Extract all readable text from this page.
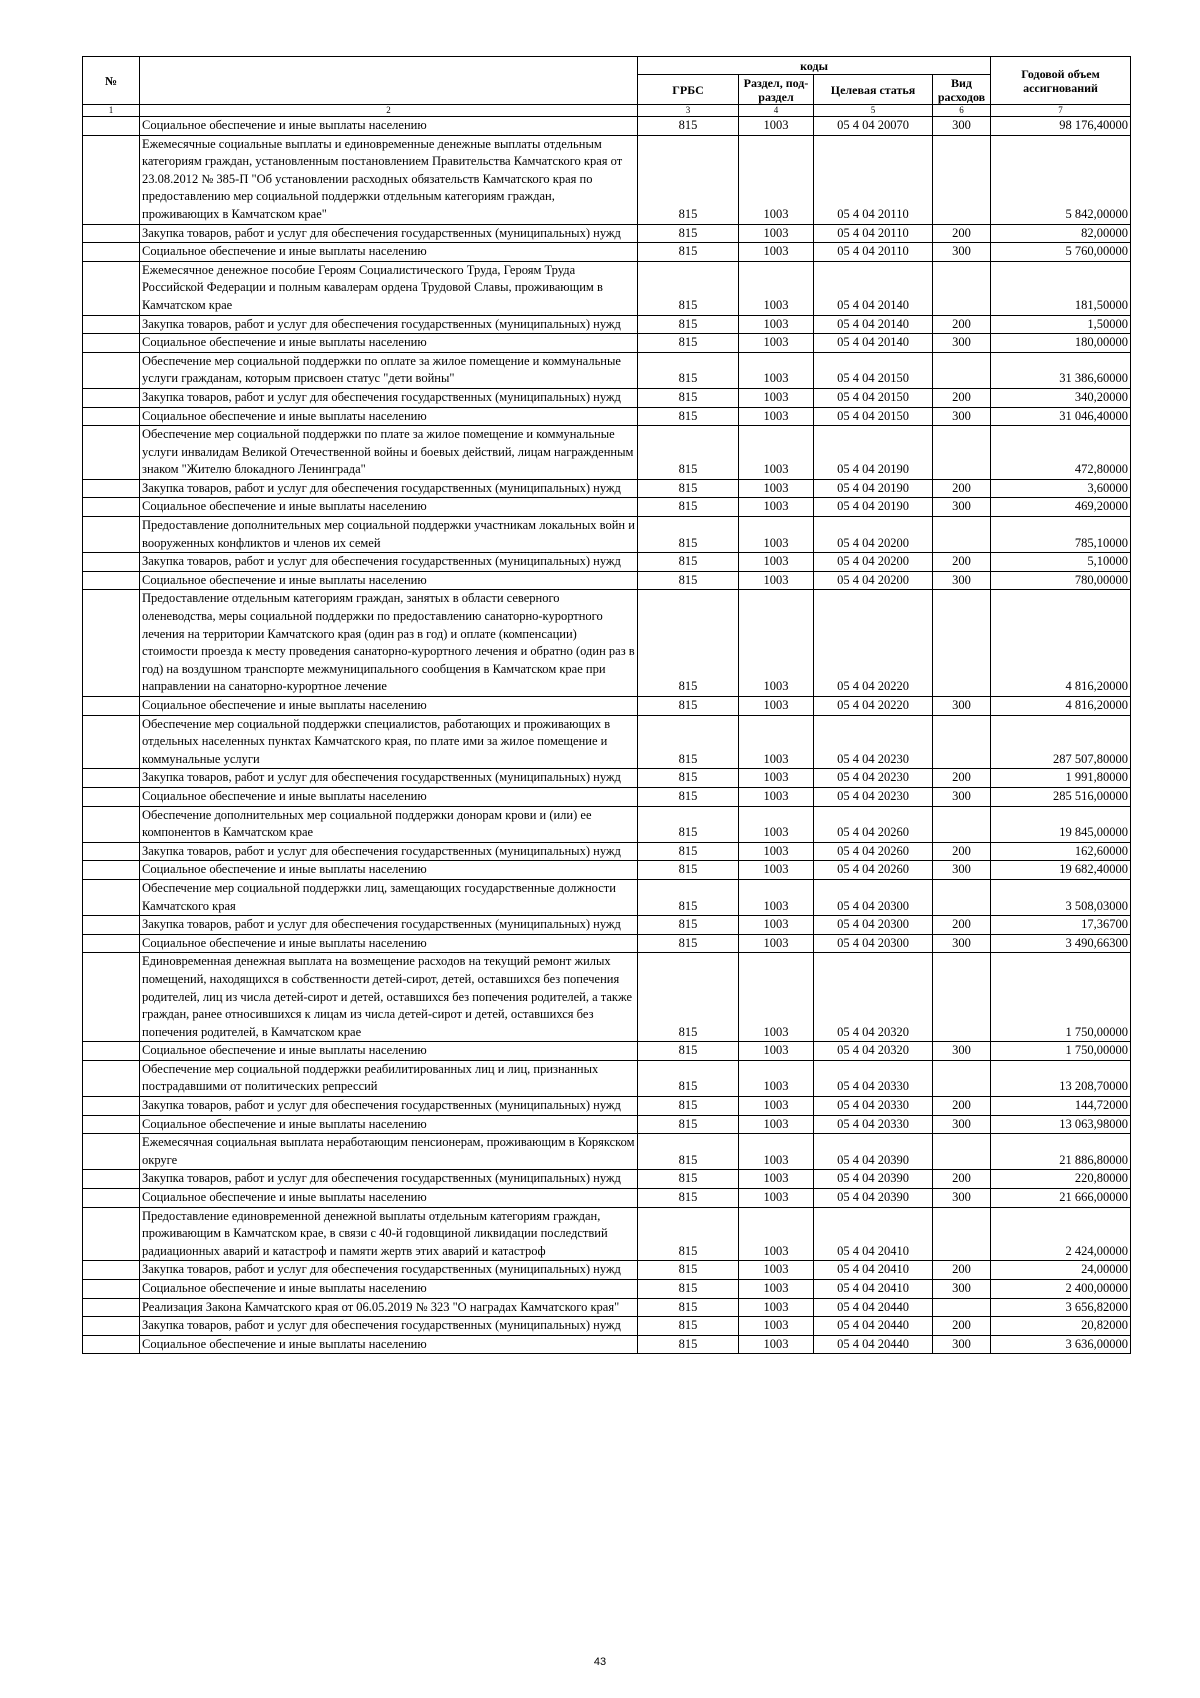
№		коды				Годовой объем ассигнований
		ГРБС	Раздел, под-раздел	Целевая статья	Вид расходов	
1	2	3	4	5	6	7
	Социальное обеспечение и иные выплаты населению	815	1003	05 4 04 20070	300	98 176,40000
	Ежемесячные социальные выплаты и единовременные денежные выплаты отдельным категориям граждан, установленным постановлением Правительства Камчатского края от 23.08.2012 № 385-П "Об установлении расходных обязательств Камчатского края по предоставлению мер социальной поддержки отдельным категориям граждан, проживающих в Камчатском крае"	815	1003	05 4 04 20110		5 842,00000
	Закупка товаров, работ и услуг для обеспечения государственных (муниципальных) нужд	815	1003	05 4 04 20110	200	82,00000
	Социальное обеспечение и иные выплаты населению	815	1003	05 4 04 20110	300	5 760,00000
	Ежемесячное денежное пособие Героям Социалистического Труда, Героям Труда Российской Федерации и полным кавалерам ордена Трудовой Славы, проживающим в Камчатском крае	815	1003	05 4 04 20140		181,50000
	Закупка товаров, работ и услуг для обеспечения государственных (муниципальных) нужд	815	1003	05 4 04 20140	200	1,50000
	Социальное обеспечение и иные выплаты населению	815	1003	05 4 04 20140	300	180,00000
	Обеспечение мер социальной поддержки по оплате за жилое помещение и коммунальные услуги гражданам, которым присвоен статус "дети войны"	815	1003	05 4 04 20150		31 386,60000
	Закупка товаров, работ и услуг для обеспечения государственных (муниципальных) нужд	815	1003	05 4 04 20150	200	340,20000
	Социальное обеспечение и иные выплаты населению	815	1003	05 4 04 20150	300	31 046,40000
	Обеспечение мер социальной поддержки по плате за жилое помещение и коммунальные услуги инвалидам Великой Отечественной войны и боевых действий, лицам награжденным знаком "Жителю блокадного Ленинграда"	815	1003	05 4 04 20190		472,80000
	Закупка товаров, работ и услуг для обеспечения государственных (муниципальных) нужд	815	1003	05 4 04 20190	200	3,60000
	Социальное обеспечение и иные выплаты населению	815	1003	05 4 04 20190	300	469,20000
	Предоставление дополнительных мер социальной поддержки участникам локальных войн и вооруженных конфликтов и членов их семей	815	1003	05 4 04 20200		785,10000
	Закупка товаров, работ и услуг для обеспечения государственных (муниципальных) нужд	815	1003	05 4 04 20200	200	5,10000
	Социальное обеспечение и иные выплаты населению	815	1003	05 4 04 20200	300	780,00000
	Предоставление отдельным категориям граждан, занятых в области северного оленеводства, меры социальной поддержки по предоставлению санаторно-курортного лечения на территории Камчатского края (один раз в год) и оплате (компенсации) стоимости проезда к месту проведения санаторно-курортного лечения и обратно (один раз в год) на воздушном транспорте межмуниципального сообщения в Камчатском крае при направлении на санаторно-курортное лечение	815	1003	05 4 04 20220		4 816,20000
	Социальное обеспечение и иные выплаты населению	815	1003	05 4 04 20220	300	4 816,20000
	Обеспечение мер социальной поддержки специалистов, работающих и проживающих в отдельных населенных пунктах Камчатского края, по плате ими за жилое помещение и коммунальные услуги	815	1003	05 4 04 20230		287 507,80000
	Закупка товаров, работ и услуг для обеспечения государственных (муниципальных) нужд	815	1003	05 4 04 20230	200	1 991,80000
	Социальное обеспечение и иные выплаты населению	815	1003	05 4 04 20230	300	285 516,00000
	Обеспечение дополнительных мер социальной поддержки донорам крови и (или) ее компонентов в Камчатском крае	815	1003	05 4 04 20260		19 845,00000
	Закупка товаров, работ и услуг для обеспечения государственных (муниципальных) нужд	815	1003	05 4 04 20260	200	162,60000
	Социальное обеспечение и иные выплаты населению	815	1003	05 4 04 20260	300	19 682,40000
	Обеспечение мер социальной поддержки лиц, замещающих государственные должности Камчатского края	815	1003	05 4 04 20300		3 508,03000
	Закупка товаров, работ и услуг для обеспечения государственных (муниципальных) нужд	815	1003	05 4 04 20300	200	17,36700
	Социальное обеспечение и иные выплаты населению	815	1003	05 4 04 20300	300	3 490,66300
	Единовременная денежная выплата на возмещение расходов на текущий ремонт жилых помещений, находящихся в собственности детей-сирот, детей, оставшихся без попечения родителей, лиц из числа детей-сирот и детей, оставшихся без попечения родителей, а также граждан, ранее относившихся к лицам из числа детей-сирот и детей, оставшихся без попечения родителей, в Камчатском крае	815	1003	05 4 04 20320		1 750,00000
	Социальное обеспечение и иные выплаты населению	815	1003	05 4 04 20320	300	1 750,00000
	Обеспечение мер социальной поддержки реабилитированных лиц и лиц, признанных пострадавшими от политических репрессий	815	1003	05 4 04 20330		13 208,70000
	Закупка товаров, работ и услуг для обеспечения государственных (муниципальных) нужд	815	1003	05 4 04 20330	200	144,72000
	Социальное обеспечение и иные выплаты населению	815	1003	05 4 04 20330	300	13 063,98000
	Ежемесячная социальная выплата неработающим пенсионерам, проживающим в Корякском округе	815	1003	05 4 04 20390		21 886,80000
	Закупка товаров, работ и услуг для обеспечения государственных (муниципальных) нужд	815	1003	05 4 04 20390	200	220,80000
	Социальное обеспечение и иные выплаты населению	815	1003	05 4 04 20390	300	21 666,00000
	Предоставление единовременной денежной выплаты отдельным категориям граждан, проживающим в Камчатском крае, в связи с 40-й годовщиной ликвидации последствий радиационных аварий и катастроф и памяти жертв этих аварий и катастроф	815	1003	05 4 04 20410		2 424,00000
	Закупка товаров, работ и услуг для обеспечения государственных (муниципальных) нужд	815	1003	05 4 04 20410	200	24,00000
	Социальное обеспечение и иные выплаты населению	815	1003	05 4 04 20410	300	2 400,00000
	Реализация Закона Камчатского края от 06.05.2019 № 323 "О наградах Камчатского края"	815	1003	05 4 04 20440		3 656,82000
	Закупка товаров, работ и услуг для обеспечения государственных (муниципальных) нужд	815	1003	05 4 04 20440	200	20,82000
	Социальное обеспечение и иные выплаты населению	815	1003	05 4 04 20440	300	3 636,00000
43
